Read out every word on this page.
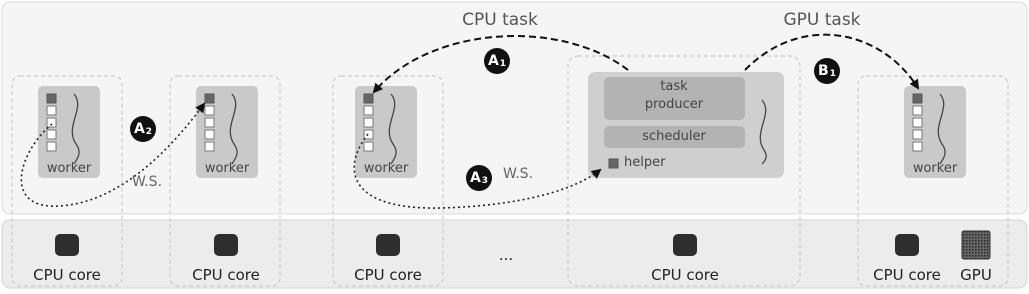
CPU task	GPU task
worker	worker	worker	worker
task
producer
scheduler
helper
W.S.	W.S.
$A_1$	$B_1$
$A_2$
$A_3$
CPU core	CPU core	CPU core
...
CPU core	CPU core GPU
